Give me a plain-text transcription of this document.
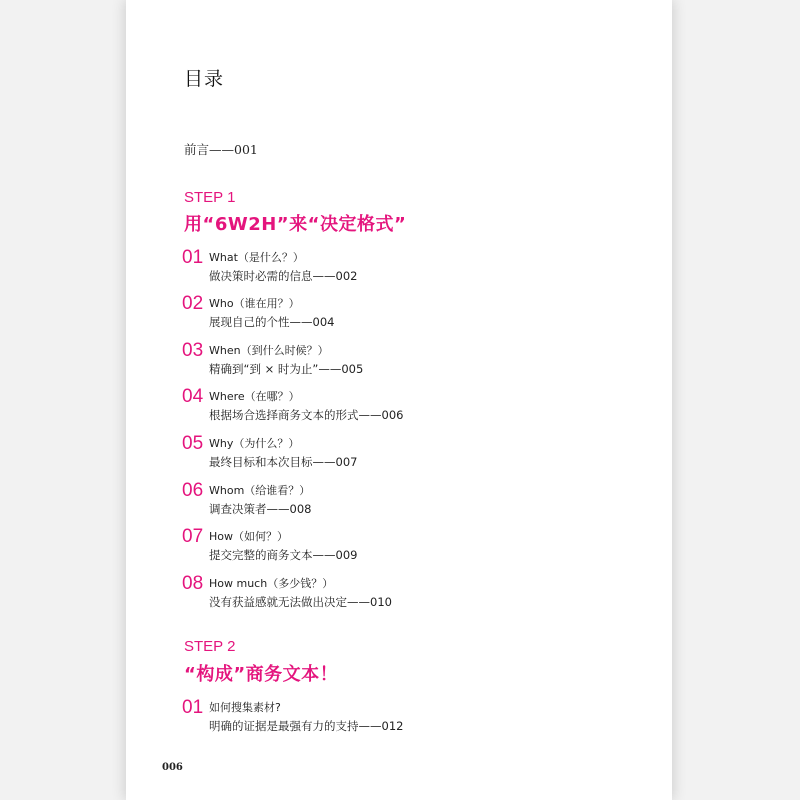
目录
前言——001
STEP 1
用“6W2H”来“决定格式”
01 What（是什么？）
做决策时必需的信息——002
02 Who（谁在用？）
展现自己的个性——004
03 When（到什么时候？）
精确到“到 × 时为止”——005
04 Where（在哪？）
根据场合选择商务文本的形式——006
05 Why（为什么？）
最终目标和本次目标——007
06 Whom（给谁看？）
调查决策者——008
07 How（如何？）
提交完整的商务文本——009
08 How much（多少钱？）
没有获益感就无法做出决定——010
STEP 2
“构成”商务文本！
01 如何搜集素材?
明确的证据是最强有力的支持——012
006
